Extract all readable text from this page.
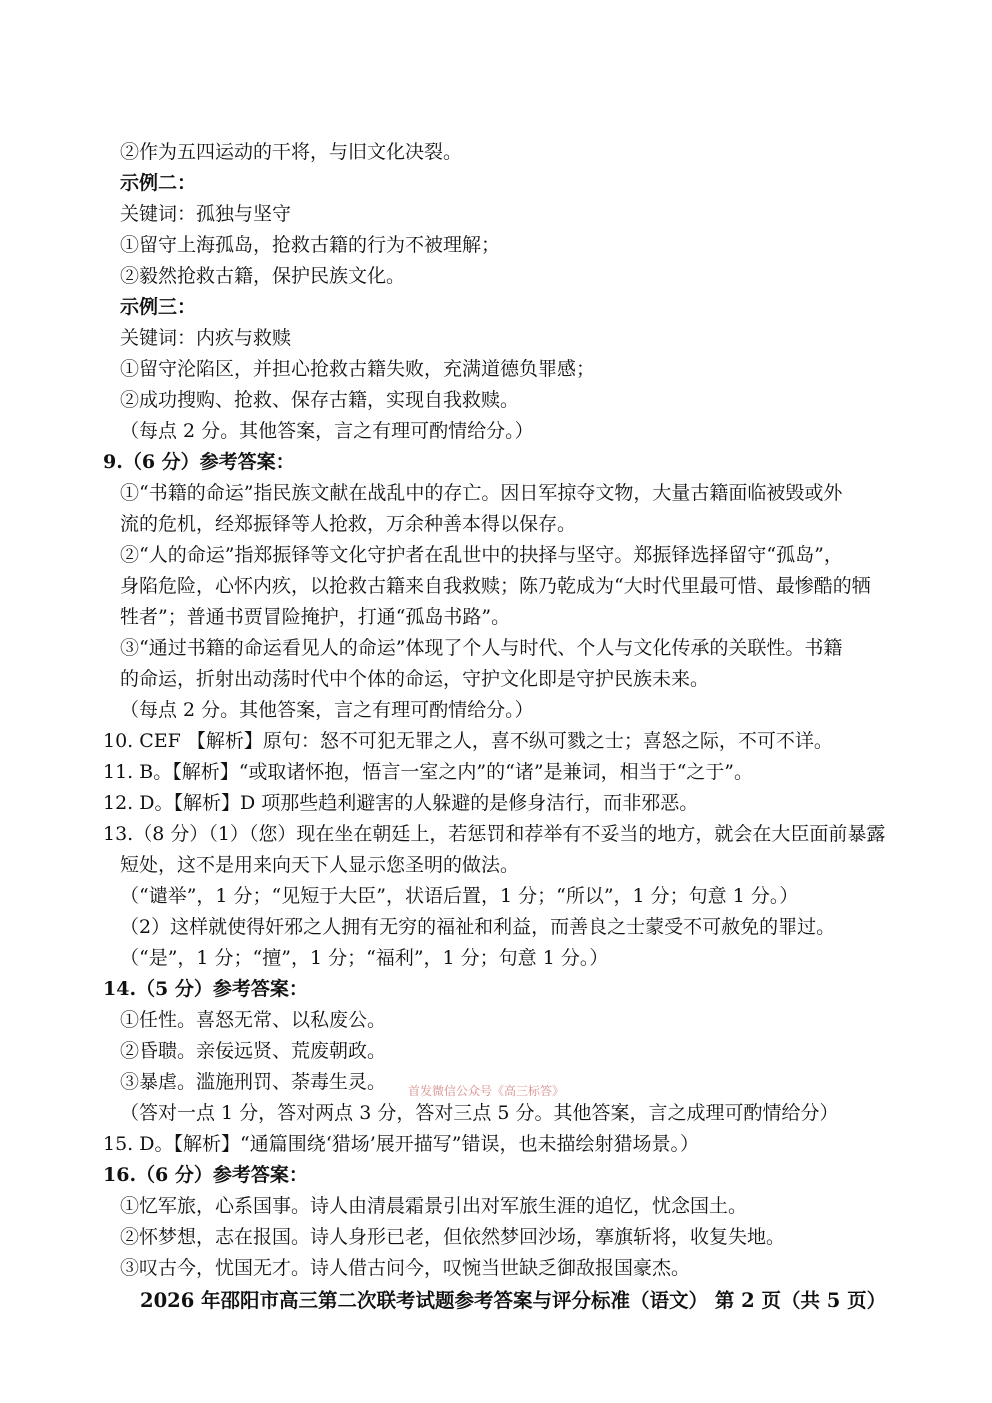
②作为五四运动的干将，与旧文化决裂。
示例二：
关键词：孤独与坚守
①留守上海孤岛，抢救古籍的行为不被理解；
②毅然抢救古籍，保护民族文化。
示例三：
关键词：内疚与救赎
①留守沦陷区，并担心抢救古籍失败，充满道德负罪感；
②成功搜购、抢救、保存古籍，实现自我救赎。
（每点 2 分。其他答案，言之有理可酌情给分。）
9.（6 分）参考答案：
①“书籍的命运”指民族文献在战乱中的存亡。因日军掠夺文物，大量古籍面临被毁或外
流的危机，经郑振铎等人抢救，万余种善本得以保存。
②“人的命运”指郑振铎等文化守护者在乱世中的抉择与坚守。郑振铎选择留守“孤岛”，
身陷危险，心怀内疚，以抢救古籍来自我救赎；陈乃乾成为“大时代里最可惜、最惨酷的牺
牲者”；普通书贾冒险掩护，打通“孤岛书路”。
③“通过书籍的命运看见人的命运”体现了个人与时代、个人与文化传承的关联性。书籍
的命运，折射出动荡时代中个体的命运，守护文化即是守护民族未来。
（每点 2 分。其他答案，言之有理可酌情给分。）
10. CEF 【解析】原句：怒不可犯无罪之人，喜不纵可戮之士；喜怒之际，不可不详。
11. B。【解析】“或取诸怀抱，悟言一室之内”的“诸”是兼词，相当于“之于”。
12. D。【解析】D 项那些趋利避害的人躲避的是修身洁行，而非邪恶。
13.（8 分）（1）（您）现在坐在朝廷上，若惩罚和荐举有不妥当的地方，就会在大臣面前暴露
短处，这不是用来向天下人显示您圣明的做法。
（“谴举”，1 分；“见短于大臣”，状语后置，1 分；“所以”，1 分；句意 1 分。）
（2）这样就使得奸邪之人拥有无穷的福祉和利益，而善良之士蒙受不可赦免的罪过。
（“是”，1 分；“擅”，1 分；“福利”，1 分；句意 1 分。）
14.（5 分）参考答案：
①任性。喜怒无常、以私废公。
②昏聩。亲佞远贤、荒废朝政。
③暴虐。滥施刑罚、荼毒生灵。 首发微信公众号《高三标答》
（答对一点 1 分，答对两点 3 分，答对三点 5 分。其他答案，言之成理可酌情给分）
15. D。【解析】“通篇围绕‘猎场’展开描写”错误，也未描绘射猎场景。）
16.（6 分）参考答案：
①忆军旅，心系国事。诗人由清晨霜景引出对军旅生涯的追忆，忧念国土。
②怀梦想，志在报国。诗人身形已老，但依然梦回沙场，搴旗斩将，收复失地。
③叹古今，忧国无才。诗人借古问今，叹惋当世缺乏御敌报国豪杰。
2026 年邵阳市高三第二次联考试题参考答案与评分标准（语文） 第 2 页（共 5 页）
